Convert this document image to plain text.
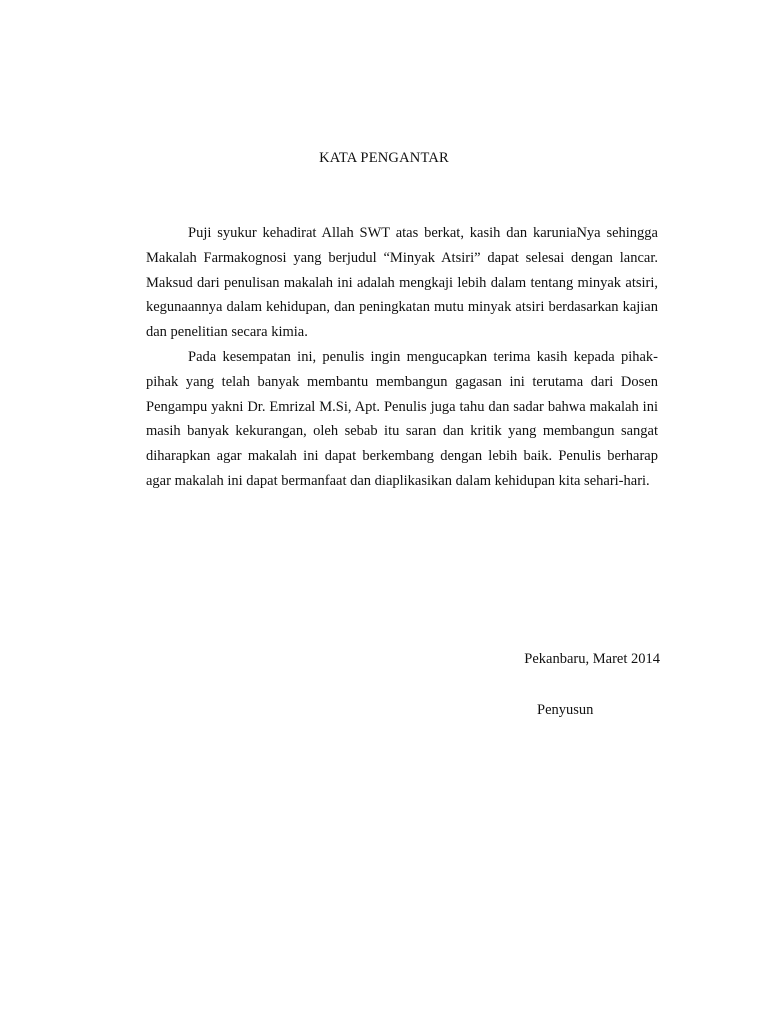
KATA PENGANTAR

Puji syukur kehadirat Allah SWT atas berkat, kasih dan karuniaNya sehingga Makalah Farmakognosi yang berjudul “Minyak Atsiri” dapat selesai dengan lancar. Maksud dari penulisan makalah ini adalah mengkaji lebih dalam tentang minyak atsiri, kegunaannya dalam kehidupan, dan peningkatan mutu minyak atsiri berdasarkan kajian dan penelitian secara kimia.

Pada kesempatan ini, penulis ingin mengucapkan terima kasih kepada pihak-pihak yang telah banyak membantu membangun gagasan ini terutama dari Dosen Pengampu yakni Dr. Emrizal M.Si, Apt. Penulis juga tahu dan sadar bahwa makalah ini masih banyak kekurangan, oleh sebab itu saran dan kritik yang membangun sangat diharapkan agar makalah ini dapat berkembang dengan lebih baik. Penulis berharap agar makalah ini dapat bermanfaat dan diaplikasikan dalam kehidupan kita sehari-hari.

Pekanbaru, Maret 2014
Penyusun
